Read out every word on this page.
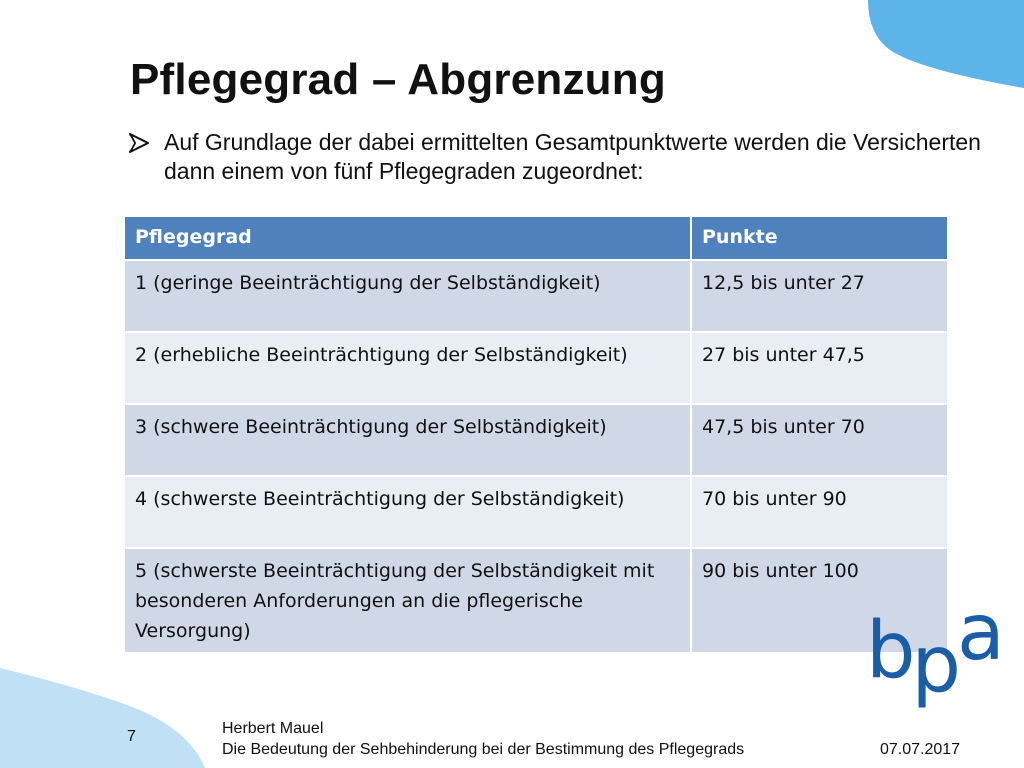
Pflegegrad – Abgrenzung
Auf Grundlage der dabei ermittelten Gesamtpunktwerte werden die Versicherten dann einem von fünf Pflegegraden zugeordnet:
Pflegegrad	Punkte
1 (geringe Beeinträchtigung der Selbständigkeit)	12,5 bis unter 27
2 (erhebliche Beeinträchtigung der Selbständigkeit)	27 bis unter 47,5
3 (schwere Beeinträchtigung der Selbständigkeit)	47,5 bis unter 70
4 (schwerste Beeinträchtigung der Selbständigkeit)	70 bis unter 90
5 (schwerste Beeinträchtigung der Selbständigkeit mit besonderen Anforderungen an die pflegerische Versorgung)	90 bis unter 100
bpa
7	Herbert Mauel
Die Bedeutung der Sehbehinderung bei der Bestimmung des Pflegegrads	07.07.2017
